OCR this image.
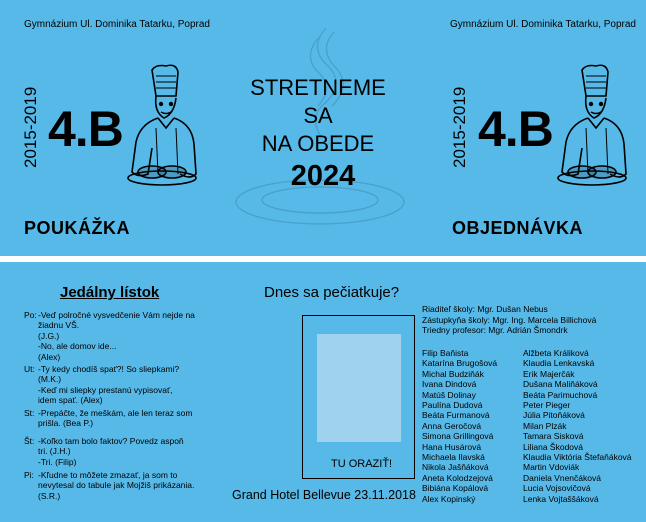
Gymnázium Ul. Dominika Tatarku, Poprad
2015-2019 4.B
POUKÁŽKA
STRETNEME
SA
NA OBEDE
2024
Gymnázium Ul. Dominika Tatarku, Poprad
2015-2019 4.B
OBJEDNÁVKA
Jedálny lístok
Po: -Veď polročné vysvedčenie Vám nejde na
žiadnu VŠ.
(J.G.)
-No, ale domov ide...
(Alex)
Ut: -Ty kedy chodíš spať?! So sliepkami?
(M.K.)
-Keď mi sliepky prestanú vypisovať,
idem spať. (Alex)
St: -Prepáčte, že meškám, ale len teraz som
prišla. (Bea P.)
Št: -Koľko tam bolo faktov? Povedz aspoň
tri. (J.H.)
-Tri. (Filip)
Pi: -Kľudne to môžete zmazať, ja som to
nevytesal do tabule jak Mojžiš prikázania.
(S.R.)
Dnes sa pečiatkuje?
TU ORAZIŤ!
Grand Hotel Bellevue 23.11.2018
Riaditeľ školy: Mgr. Dušan Nebus
Zástupkyňa školy: Mgr. Ing. Marcela Billichová
Triedny profesor: Mgr. Adrián Šmondrk
Filip Baňista
Katarína Brugošová
Michal Budziňák
Ivana Dindová
Matúš Dolinay
Paulína Dudová
Beáta Furmanová
Anna Geročová
Simona Grillingová
Hana Husárová
Michaela Ilavská
Nikola Jašňáková
Aneta Kolodzejová
Bibiána Kopálová
Alex Kopinský
Alžbeta Králiková
Klaudia Lenkavská
Erik Majerčák
Dušana Maliňáková
Beáta Parimuchová
Peter Pieger
Júlia Pitoňáková
Milan Plzák
Tamara Sisková
Liliana Škodová
Klaudia Viktória Štefaňáková
Martin Vdoviák
Daniela Vnenčáková
Lucia Vojsovičová
Lenka Vojtaššáková
